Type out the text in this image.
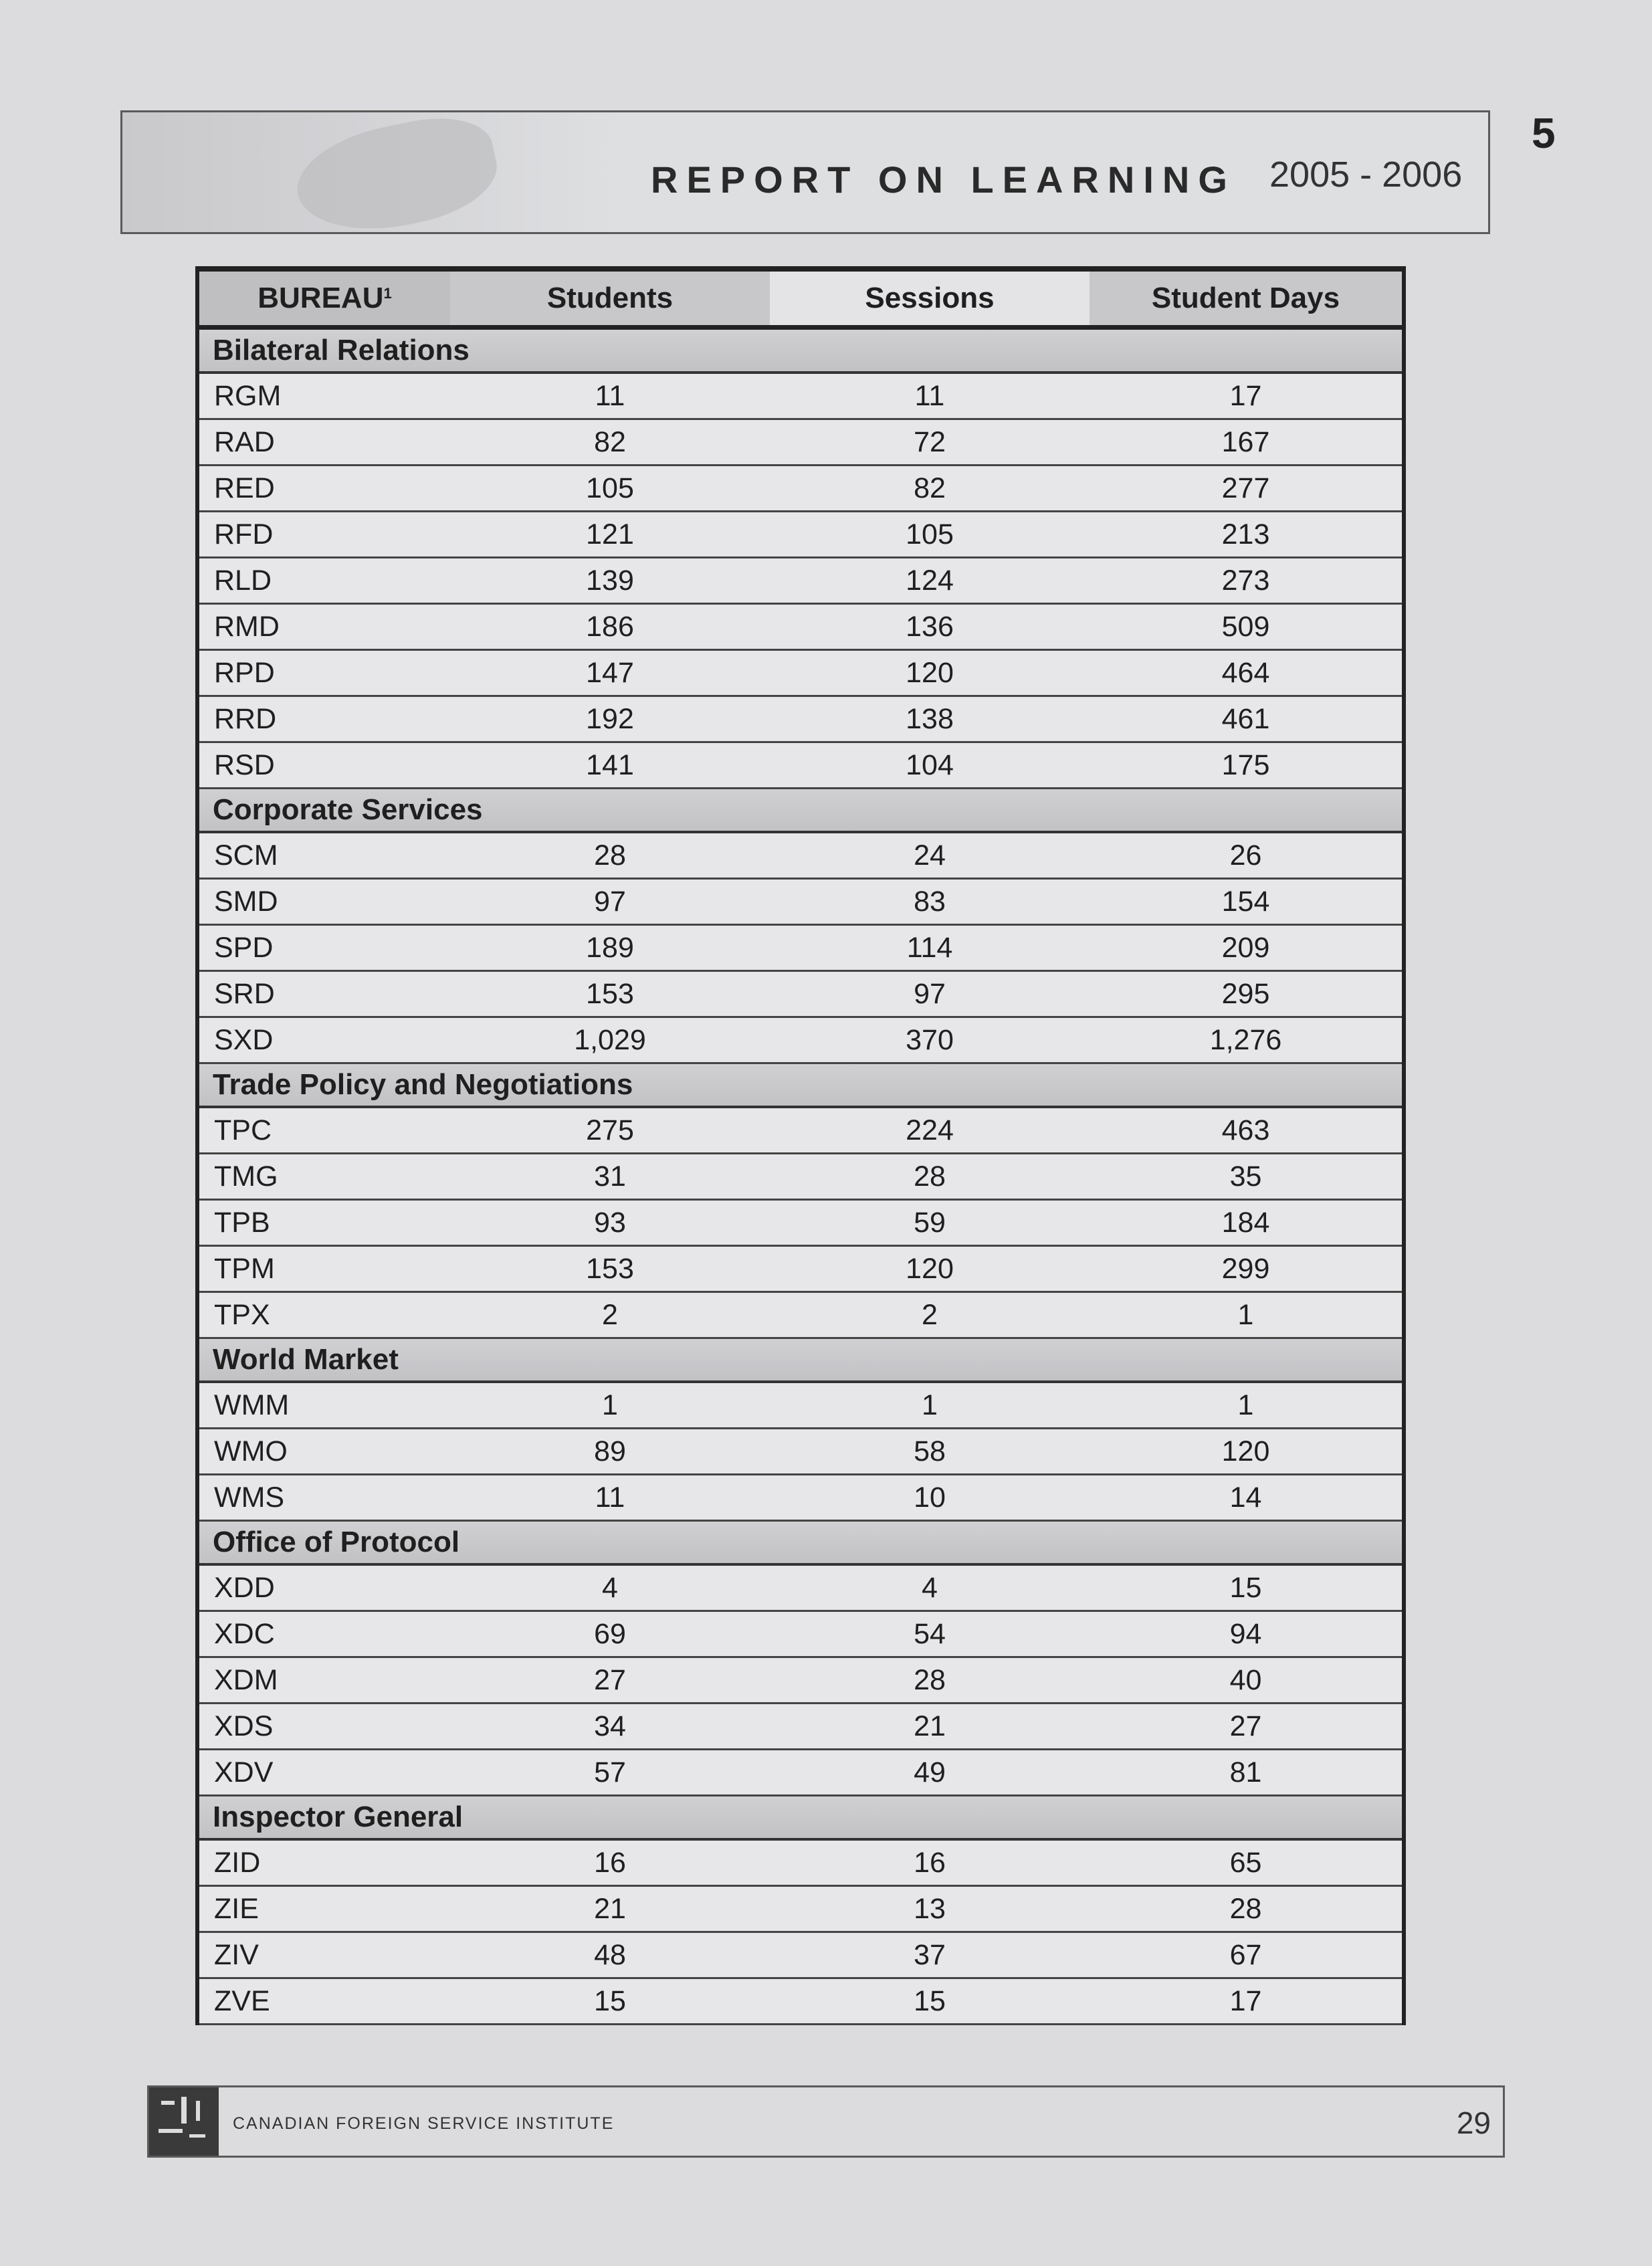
REPORT ON LEARNING 2005 - 2006
5
BUREAU 1	Students	Sessions	Student Days
Bilateral Relations
RGM	11	11	17
RAD	82	72	167
RED	105	82	277
RFD	121	105	213
RLD	139	124	273
RMD	186	136	509
RPD	147	120	464
RRD	192	138	461
RSD	141	104	175
Corporate Services
SCM	28	24	26
SMD	97	83	154
SPD	189	114	209
SRD	153	97	295
SXD	1,029	370	1,276
Trade Policy and Negotiations
TPC	275	224	463
TMG	31	28	35
TPB	93	59	184
TPM	153	120	299
TPX	2	2	1
World Market
WMM	1	1	1
WMO	89	58	120
WMS	11	10	14
Office of Protocol
XDD	4	4	15
XDC	69	54	94
XDM	27	28	40
XDS	34	21	27
XDV	57	49	81
Inspector General
ZID	16	16	65
ZIE	21	13	28
ZIV	48	37	67
ZVE	15	15	17
CANADIAN FOREIGN SERVICE INSTITUTE	29
